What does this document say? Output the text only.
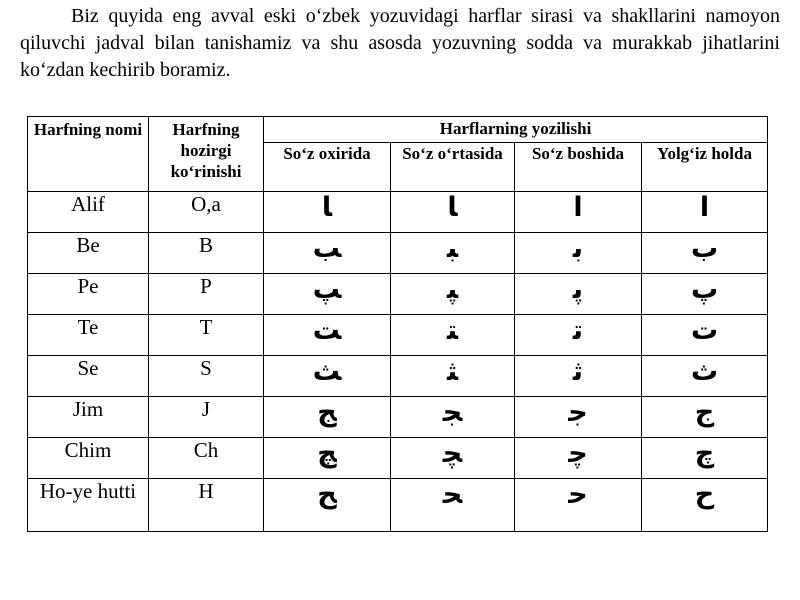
Biz quyida eng avval eski o‘zbek yozuvidagi harflar sirasi va shakllarini namoyon qiluvchi jadval bilan tanishamiz va shu asosda yozuvning sodda va murakkab jihatlarini ko‘zdan kechirib boramiz.

Harfning nomi	Harfning hozirgi ko‘rinishi	Harflarning yozilishi			
		So‘z oxirida	So‘z o‘rtasida	So‘z boshida	Yolg‘iz holda
Alif	O,a	ﺎ	ﺎ	ا	ا
Be	B	ﺐ	ﺒ	ﺑ	ب
Pe	P	ﭗ	ﭙ	ﭘ	پ
Te	T	ﺖ	ﺘ	ﺗ	ت
Se	S	ﺚ	ﺜ	ﺛ	ث
Jim	J	ﺞ	ﺠ	ﺟ	ج
Chim	Ch	ﭻ	ﭽ	ﭼ	چ
Ho-ye hutti	H	ﺢ	ﺤ	ﺣ	ح
